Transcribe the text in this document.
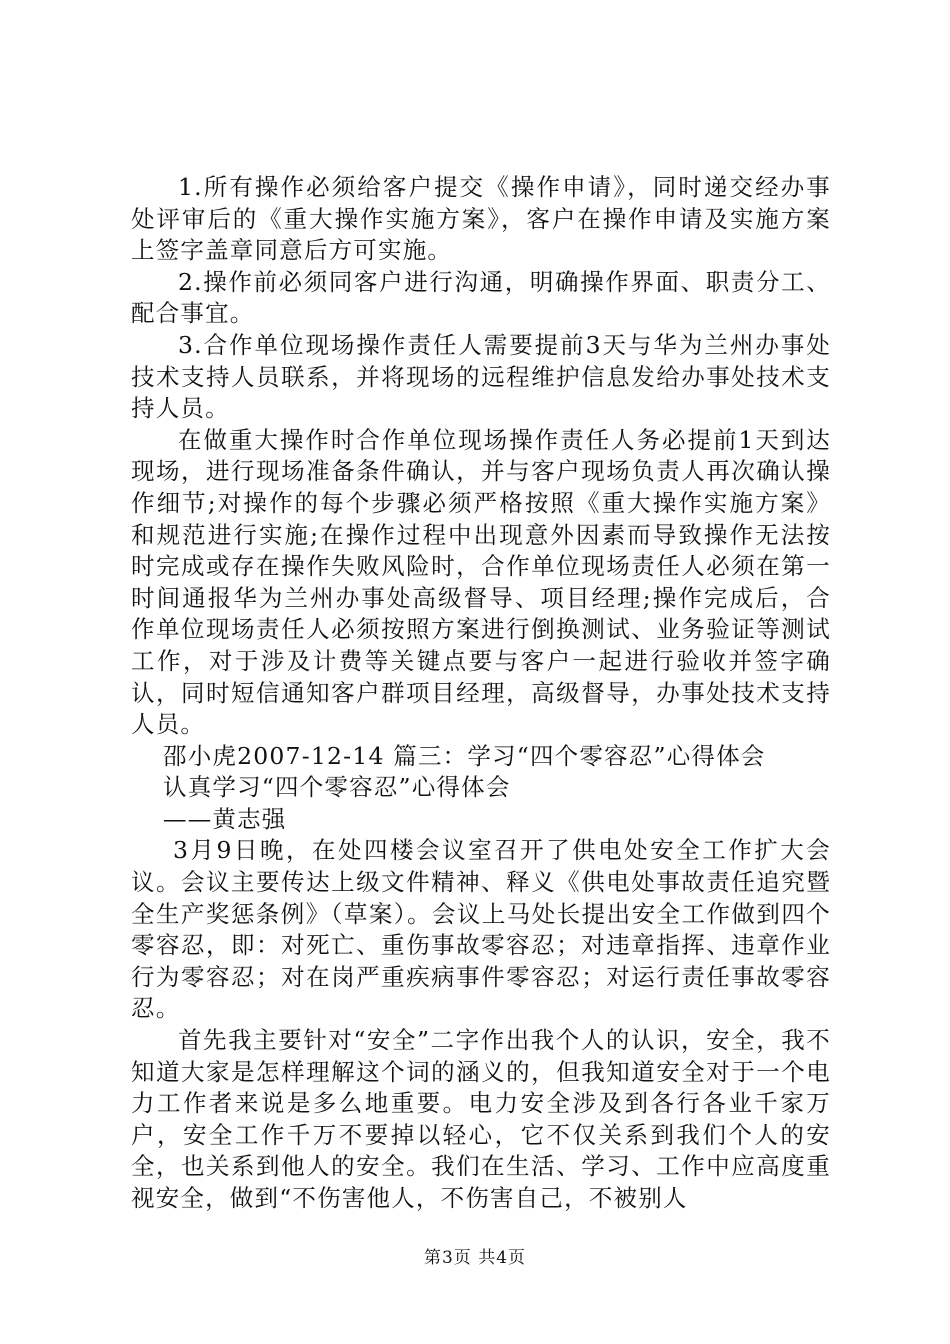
1.所有操作必须给客户提交《操作申请》，同时递交经办事处评审后的《重大操作实施方案》，客户在操作申请及实施方案上签字盖章同意后方可实施。

2.操作前必须同客户进行沟通，明确操作界面、职责分工、配合事宜。

3.合作单位现场操作责任人需要提前3天与华为兰州办事处技术支持人员联系，并将现场的远程维护信息发给办事处技术支持人员。

在做重大操作时合作单位现场操作责任人务必提前1天到达现场，进行现场准备条件确认，并与客户现场负责人再次确认操作细节;对操作的每个步骤必须严格按照《重大操作实施方案》和规范进行实施;在操作过程中出现意外因素而导致操作无法按时完成或存在操作失败风险时，合作单位现场责任人必须在第一时间通报华为兰州办事处高级督导、项目经理;操作完成后，合作单位现场责任人必须按照方案进行倒换测试、业务验证等测试工作，对于涉及计费等关键点要与客户一起进行验收并签字确认，同时短信通知客户群项目经理，高级督导，办事处技术支持人员。

邵小虎2007-12-14 篇三：学习“四个零容忍”心得体会

认真学习“四个零容忍”心得体会

——黄志强

3月9日晚，在处四楼会议室召开了供电处安全工作扩大会议。会议主要传达上级文件精神、释义《供电处事故责任追究暨全生产奖惩条例》（草案）。会议上马处长提出安全工作做到四个零容忍，即：对死亡、重伤事故零容忍；对违章指挥、违章作业行为零容忍；对在岗严重疾病事件零容忍；对运行责任事故零容忍。

首先我主要针对“安全”二字作出我个人的认识，安全，我不知道大家是怎样理解这个词的涵义的，但我知道安全对于一个电力工作者来说是多么地重要。电力安全涉及到各行各业千家万户，安全工作千万不要掉以轻心，它不仅关系到我们个人的安全，也关系到他人的安全。我们在生活、学习、工作中应高度重视安全，做到“不伤害他人，不伤害自己，不被别人

第3页 共4页
